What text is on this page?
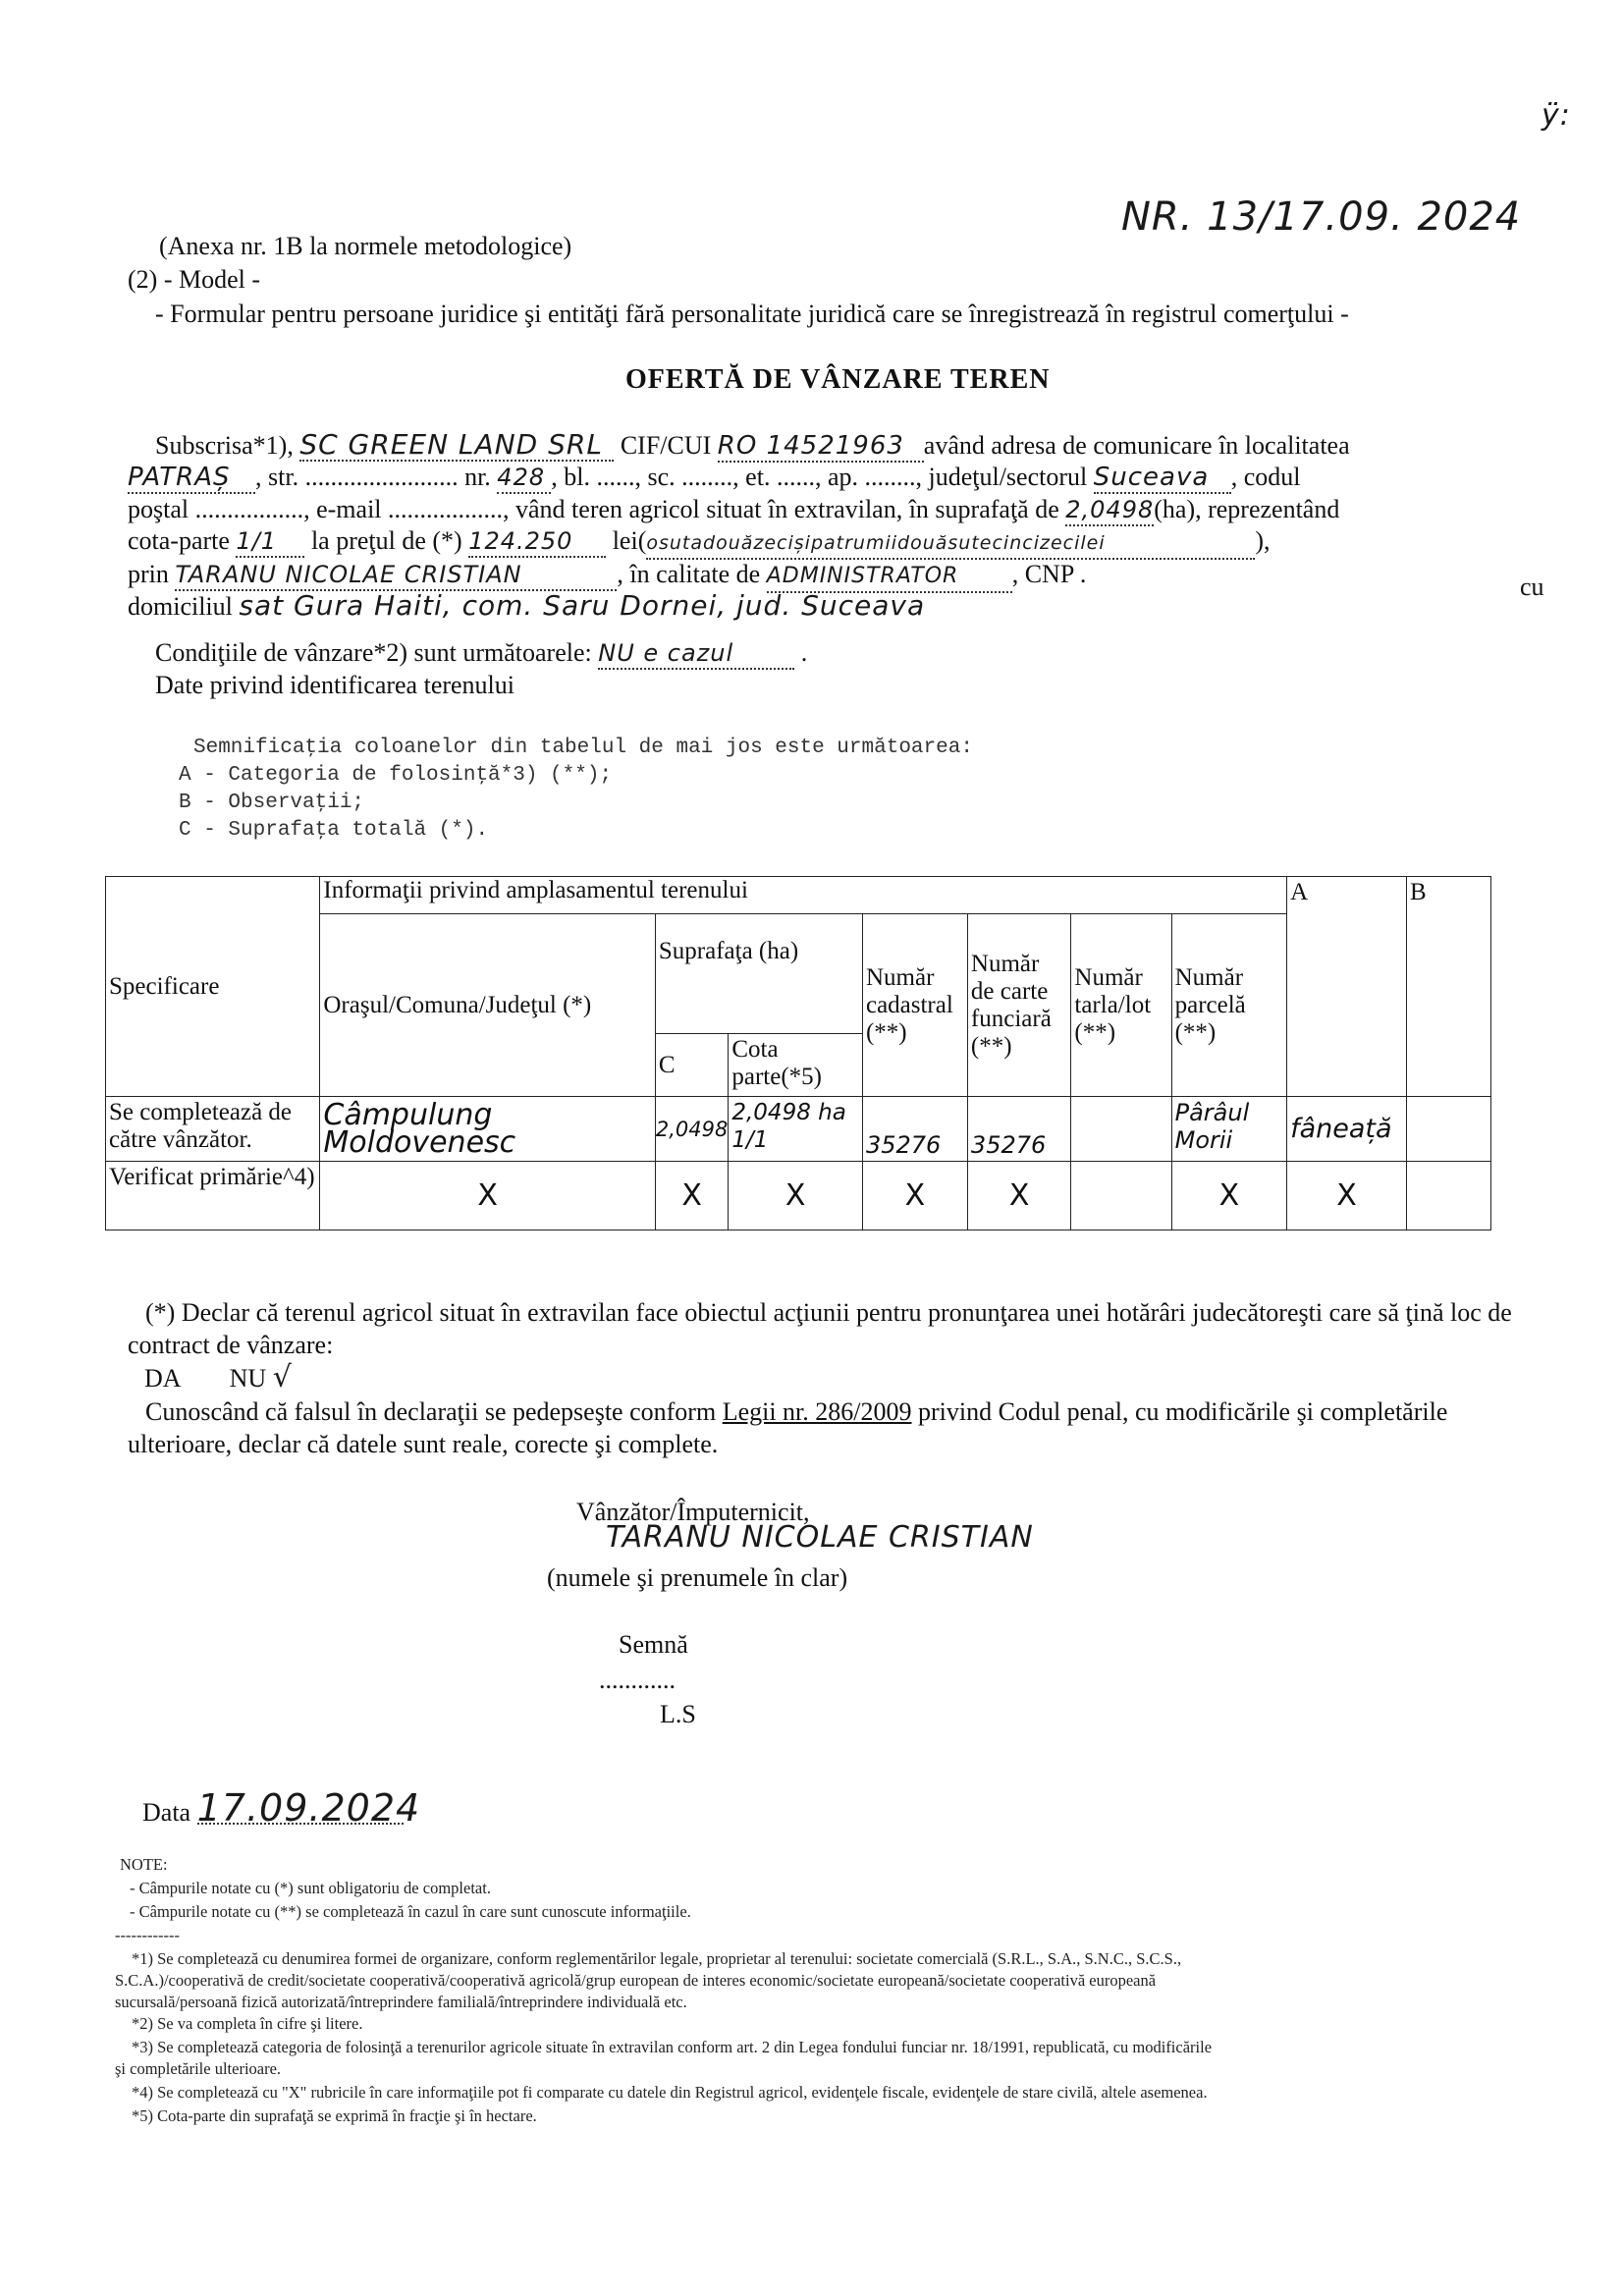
ÿ:
NR. 13/17.09. 2024
(Anexa nr. 1B la normele metodologice)
(2) - Model -
- Formular pentru persoane juridice şi entităţi fără personalitate juridică care se înregistrează în registrul comerţului -
OFERTĂ DE VÂNZARE TEREN
Subscrisa*1), SC GREEN LAND SRL CIF/CUI RO 14521963 având adresa de comunicare în localitatea
PATRAȘ , str. ........................ nr. 428 , bl. ......, sc. ........, et. ......, ap. ........, judeţul/sectorul Suceava , codul
poştal ................., e-mail .................., vând teren agricol situat în extravilan, în suprafaţă de 2,0498(ha), reprezentând
cota-parte 1/1 la preţul de (*) 124.250 lei(osutadouăzecișipatrumiidouăsutecincizecilei	),
prin TARANU NICOLAE CRISTIAN	, în calitate de ADMINISTRATOR , CNP .	cu
domiciliul sat Gura Haiti, com. Saru Dornei, jud. Suceava
Condiţiile de vânzare*2) sunt următoarele: NU e cazul .
Date privind identificarea terenului
Semnificaţia coloanelor din tabelul de mai jos este următoarea:
A - Categoria de folosinţă*3) (**);
B - Observaţii;
C - Suprafaţa totală (*).
Specificare	Informaţii privind amplasamentul terenului							A	B
	Oraşul/Comuna/Judeţul (*)	Suprafaţa (ha)		Număr cadastral (**)	Număr de carte funciară (**)	Număr tarla/lot (**)	Număr parcelă (**)		
		C	Cota parte(*5)						
Se completează de către vânzător.	Câmpulung Moldovenesc	2,0498	2,0498 ha 1/1	35276	35276		Pârâul Morii	fâneață	
Verificat primărie^4)	X	X	X	X	X		X	X	
(*) Declar că terenul agricol situat în extravilan face obiectul acţiunii pentru pronunţarea unei hotărâri judecătoreşti care să ţină loc de contract de vânzare:
DA NU √
Cunoscând că falsul în declaraţii se pedepseşte conform Legii nr. 286/2009 privind Codul penal, cu modificările şi completările ulterioare, declar că datele sunt reale, corecte şi complete.
Vânzător/Împuternicit,
TARANU NICOLAE CRISTIAN
(numele şi prenumele în clar)
Semnă
............
L.S
Data 17.09.2024
NOTE:
- Câmpurile notate cu (*) sunt obligatoriu de completat.
- Câmpurile notate cu (**) se completează în cazul în care sunt cunoscute informaţiile.
------------
*1) Se completează cu denumirea formei de organizare, conform reglementărilor legale, proprietar al terenului: societate comercială (S.R.L., S.A., S.N.C., S.C.S.,
S.C.A.)/cooperativă de credit/societate cooperativă/cooperativă agricolă/grup european de interes economic/societate europeană/societate cooperativă europeană
sucursală/persoană fizică autorizată/întreprindere familială/întreprindere individuală etc.
*2) Se va completa în cifre şi litere.
*3) Se completează categoria de folosinţă a terenurilor agricole situate în extravilan conform art. 2 din Legea fondului funciar nr. 18/1991, republicată, cu modificările
şi completările ulterioare.
*4) Se completează cu "X" rubricile în care informaţiile pot fi comparate cu datele din Registrul agricol, evidenţele fiscale, evidenţele de stare civilă, altele asemenea.
*5) Cota-parte din suprafaţă se exprimă în fracţie şi în hectare.
